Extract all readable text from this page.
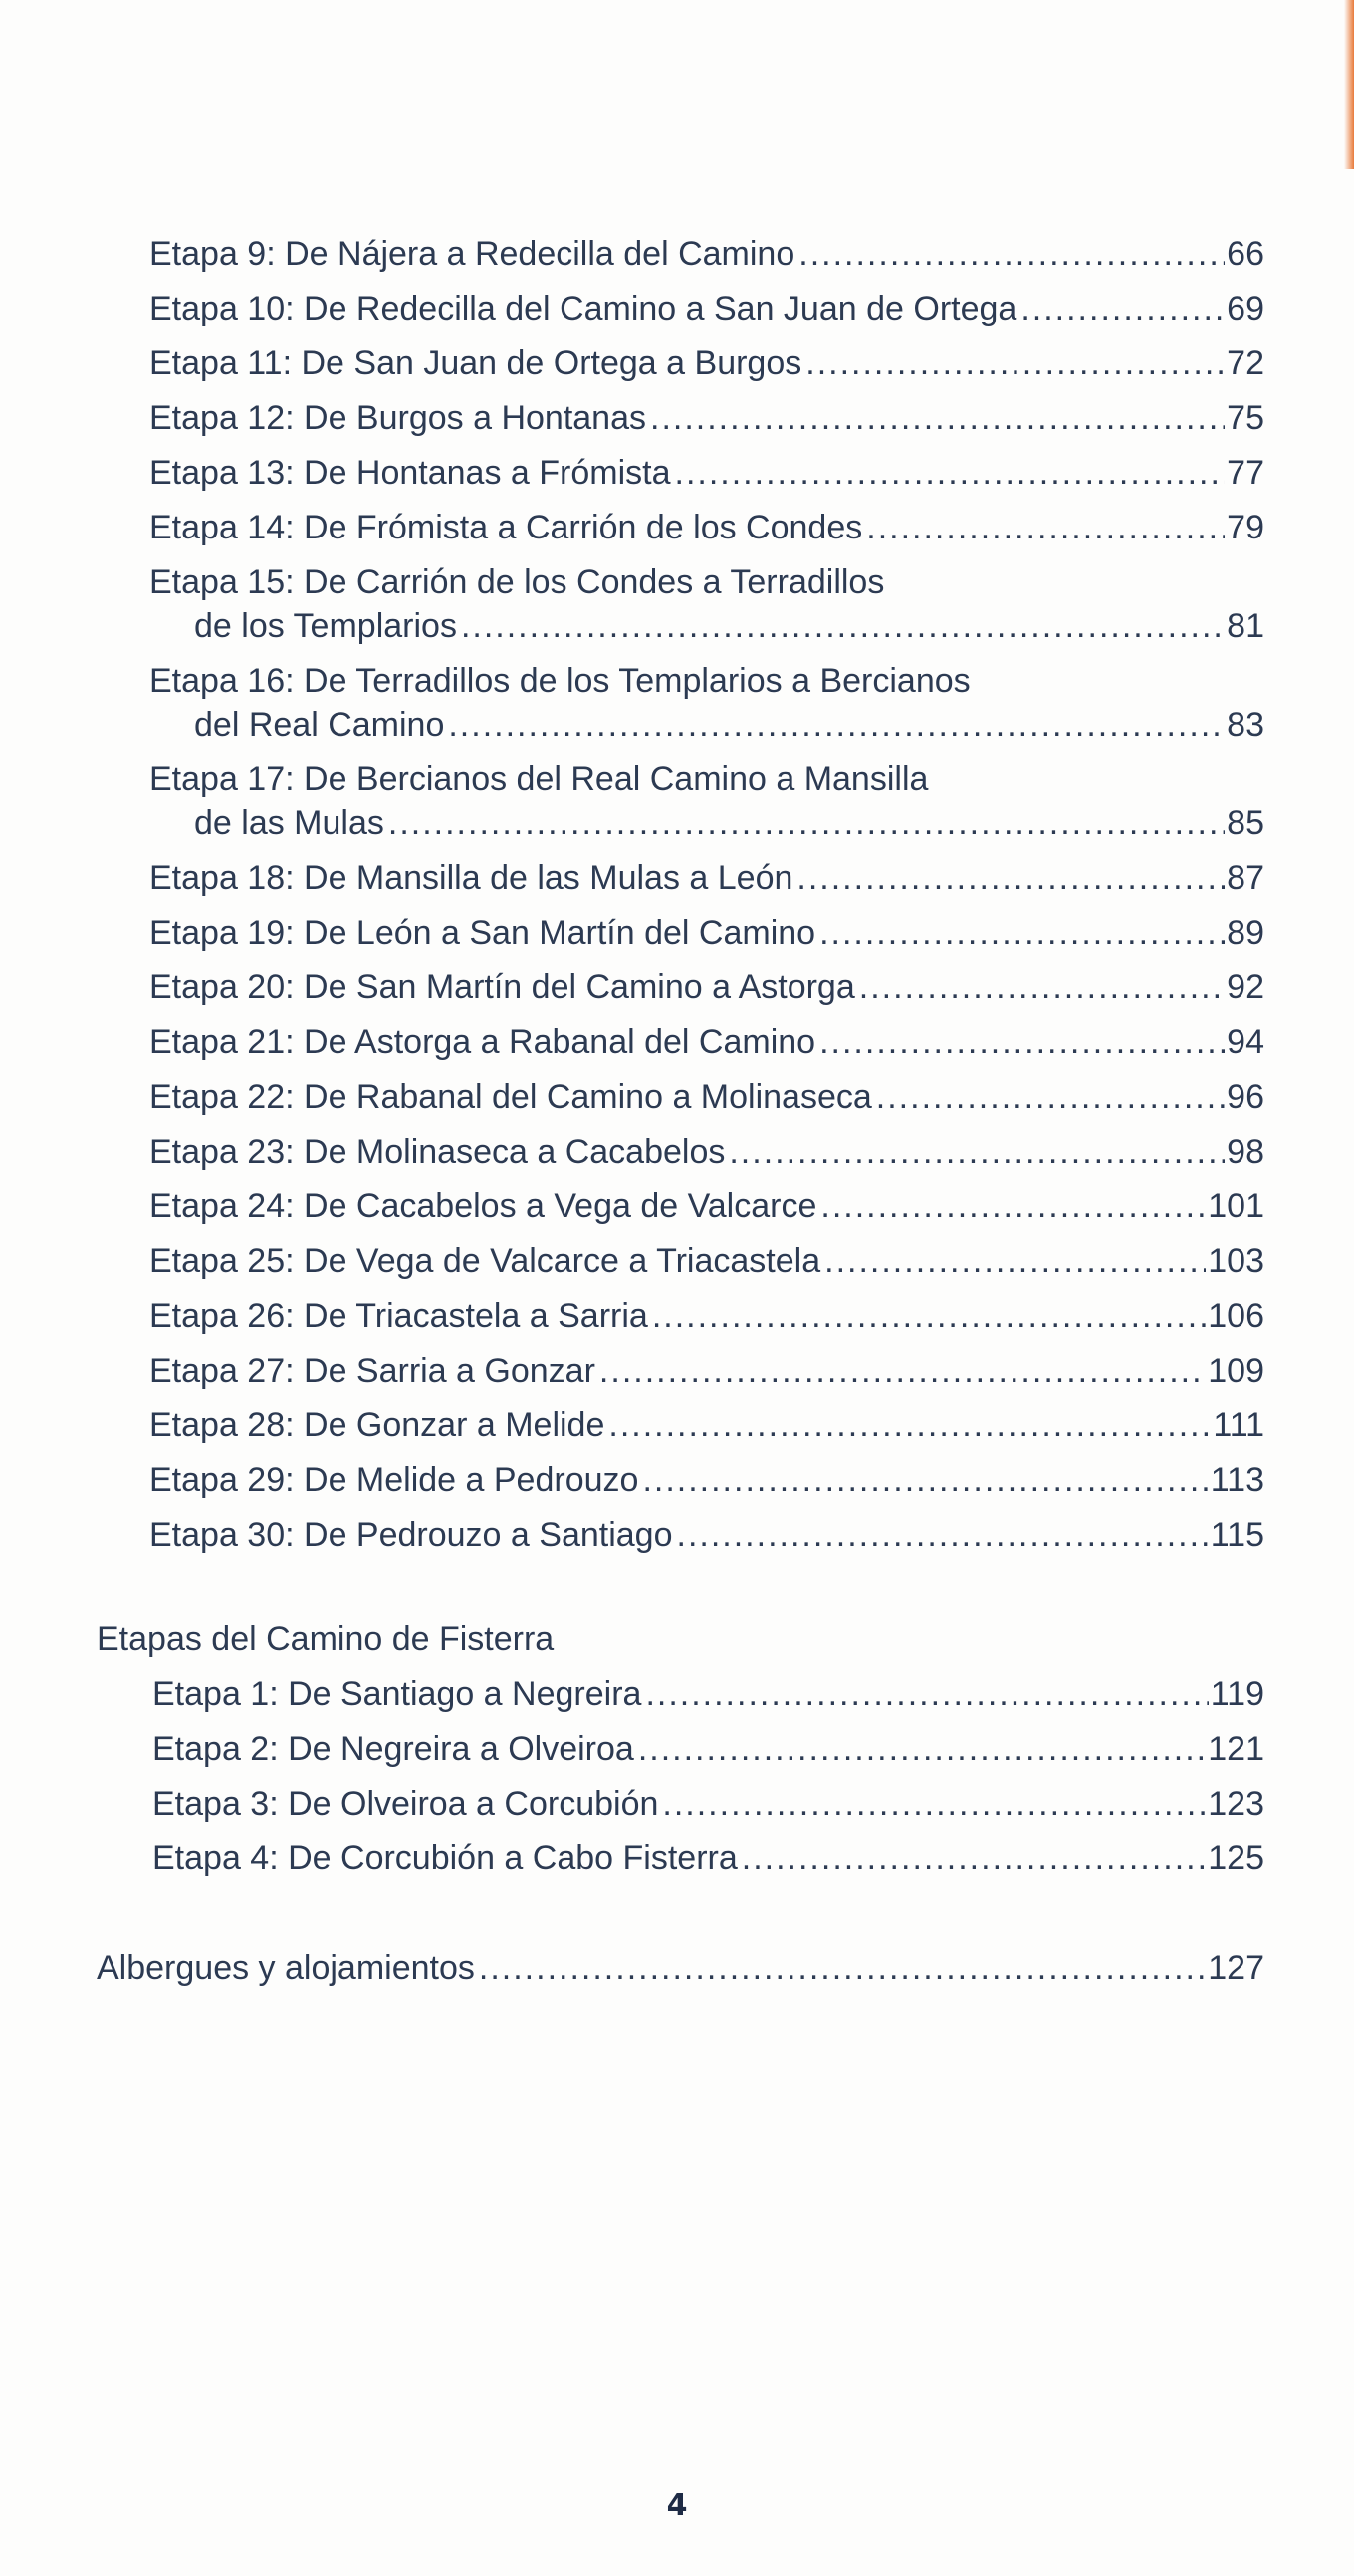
Etapa 9: De Nájera a Redecilla del Camino .....	66
Etapa 10: De Redecilla del Camino a San Juan de Ortega .....	69
Etapa 11: De San Juan de Ortega a Burgos .....	72
Etapa 12: De Burgos a Hontanas .....	75
Etapa 13: De Hontanas a Frómista .....	77
Etapa 14: De Frómista a Carrión de los Condes .....	79
Etapa 15: De Carrión de los Condes a Terradillos
de los Templarios .....	81
Etapa 16: De Terradillos de los Templarios a Bercianos
del Real Camino .....	83
Etapa 17: De Bercianos del Real Camino a Mansilla
de las Mulas .....	85
Etapa 18: De Mansilla de las Mulas a León .....	87
Etapa 19: De León a San Martín del Camino .....	89
Etapa 20: De San Martín del Camino a Astorga .....	92
Etapa 21: De Astorga a Rabanal del Camino .....	94
Etapa 22: De Rabanal del Camino a Molinaseca .....	96
Etapa 23: De Molinaseca a Cacabelos .....	98
Etapa 24: De Cacabelos a Vega de Valcarce .....	101
Etapa 25: De Vega de Valcarce a Triacastela .....	103
Etapa 26: De Triacastela a Sarria .....	106
Etapa 27: De Sarria a Gonzar .....	109
Etapa 28: De Gonzar a Melide .....	111
Etapa 29: De Melide a Pedrouzo .....	113
Etapa 30: De Pedrouzo a Santiago .....	115
Etapas del Camino de Fisterra
Etapa 1: De Santiago a Negreira .....	119
Etapa 2: De Negreira a Olveiroa .....	121
Etapa 3: De Olveiroa a Corcubión .....	123
Etapa 4: De Corcubión a Cabo Fisterra .....	125
Albergues y alojamientos .....	127
4
